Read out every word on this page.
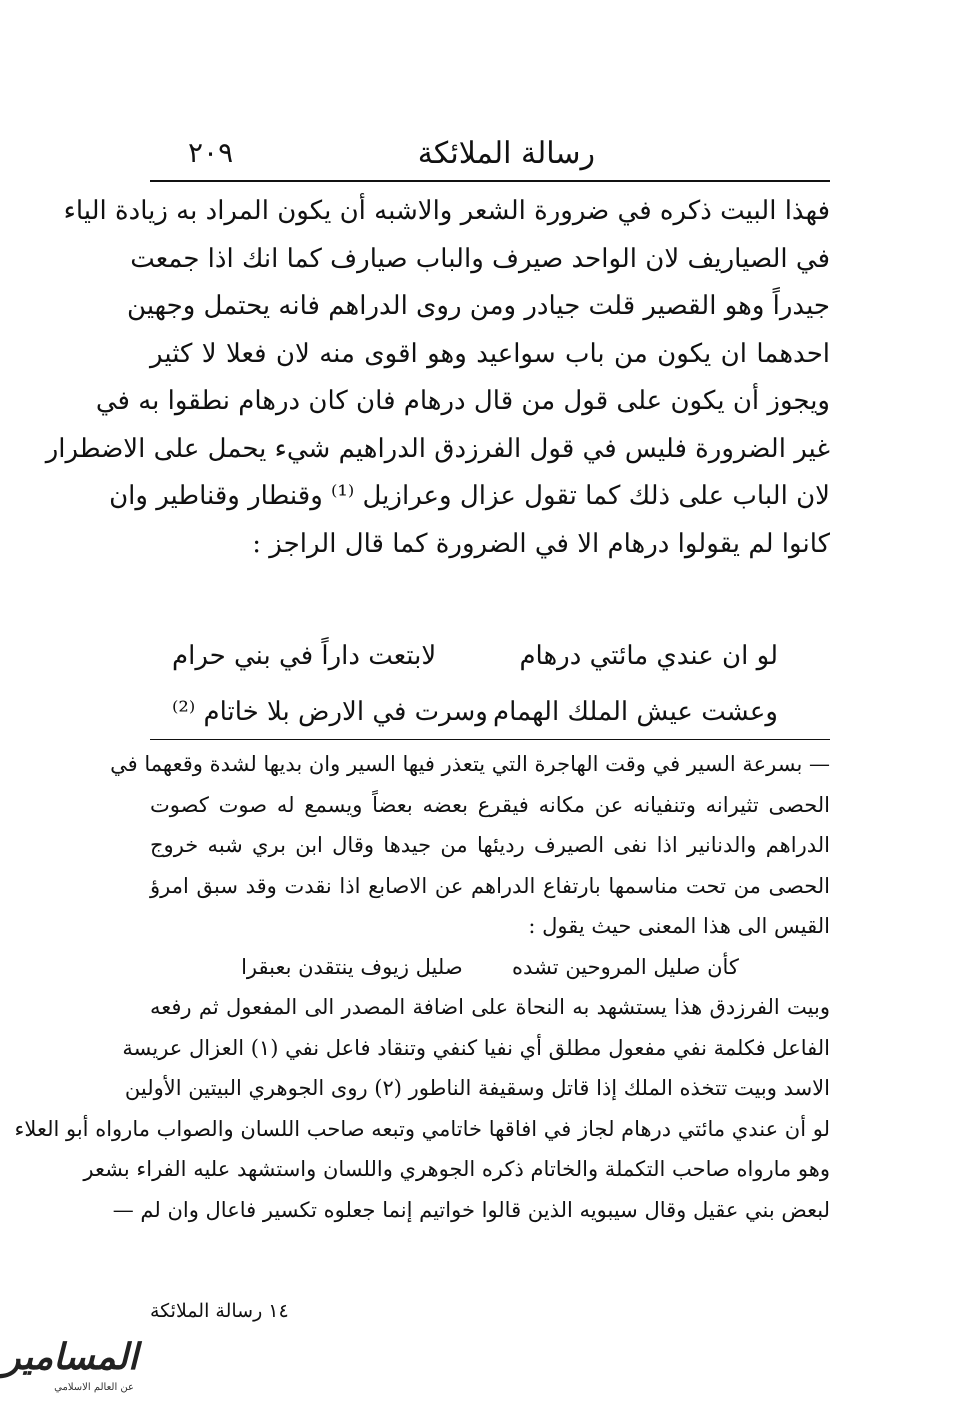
رسالة الملائكة
٢٠٩
فهذا البيت ذكره في ضرورة الشعر والاشبه أن يكون المراد به زيادة الياء
في الصياريف لان الواحد صيرف والباب صيارف كما انك اذا جمعت
جيدراً وهو القصير قلت جيادر ومن روى الدراهم فانه يحتمل وجهين
احدهما ان يكون من باب سواعيد وهو اقوى منه لان فعلا لا كثير
ويجوز أن يكون على قول من قال درهام فان كان درهام نطقوا به في
غير الضرورة فليس في قول الفرزدق الدراهيم شيء يحمل على الاضطرار
لان الباب على ذلك كما تقول عزال وعرازيل ⁽¹⁾ وقنطار وقناطير وان
كانوا لم يقولوا درهام الا في الضرورة كما قال الراجز :
لو ان عندي مائتي درهام
لابتعت داراً في بني حرام
وعشت عيش الملك الهمام
وسرت في الارض بلا خاتام ⁽²⁾
— بسرعة السير في وقت الهاجرة التي يتعذر فيها السير وان بديها لشدة وقعهما في
الحصى تثيرانه وتنفيانه عن مكانه فيقرع بعضه بعضاً ويسمع له صوت كصوت
الدراهم والدنانير اذا نفى الصيرف رديئها من جيدها وقال ابن بري شبه خروج
الحصى من تحت مناسمها بارتفاع الدراهم عن الاصابع اذا نقدت وقد سبق امرؤ
القيس الى هذا المعنى حيث يقول :
كأن صليل المروحين تشده  صليل زيوف ينتقدن بعبقرا
وبيت الفرزدق هذا يستشهد به النحاة على اضافة المصدر الى المفعول ثم رفعه
الفاعل فكلمة نفي مفعول مطلق أي نفيا كنفي وتنقاد فاعل نفي (١) العزال عريسة
الاسد وبيت تتخذه الملك إذا قاتل وسقيفة الناطور (٢) روى الجوهري البيتين الأولين
لو أن عندي مائتي درهام لجاز في افاقها خاتامي وتبعه صاحب اللسان والصواب مارواه أبو العلاء
وهو مارواه صاحب التكملة والخاتام ذكره الجوهري واللسان واستشهد عليه الفراء بشعر
لبعض بني عقيل وقال سيبويه الذين قالوا خواتيم إنما جعلوه تكسير فاعال وان لم —
١٤ رسالة الملائكة
المسامير
عن العالم الاسلامي
